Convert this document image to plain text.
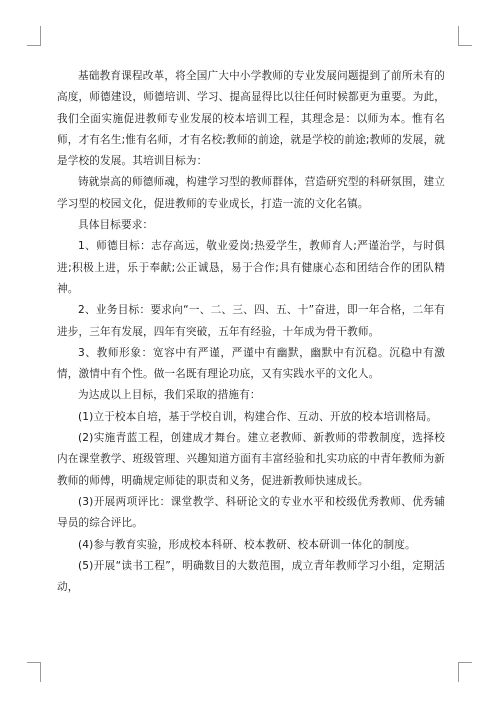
基础教育课程改革，将全国广大中小学教师的专业发展问题提到了前所未有的高度，师德建设，师德培训、学习、提高显得比以往任何时候都更为重要。为此，我们全面实施促进教师专业发展的校本培训工程，其理念是：以师为本。惟有名师，才有名生;惟有名师，才有名校;教师的前途，就是学校的前途;教师的发展，就是学校的发展。其培训目标为：

铸就崇高的师德师魂，构建学习型的教师群体，营造研究型的科研氛围，建立学习型的校园文化，促进教师的专业成长，打造一流的文化名镇。

具体目标要求：

1、师德目标：志存高远，敬业爱岗;热爱学生，教师育人;严谨治学，与时俱进;积极上进，乐于奉献;公正诚恳，易于合作;具有健康心态和团结合作的团队精神。

2、业务目标：要求向“一、二、三、四、五、十”奋进，即一年合格，二年有进步，三年有发展，四年有突破，五年有经验，十年成为骨干教师。

3、教师形象：宽容中有严谨，严谨中有幽默，幽默中有沉稳。沉稳中有激情，激情中有个性。做一名既有理论功底，又有实践水平的文化人。

为达成以上目标，我们采取的措施有：

(1)立于校本自培，基于学校自训，构建合作、互动、开放的校本培训格局。

(2)实施青蓝工程，创建成才舞台。建立老教师、新教师的带教制度，选择校内在课堂教学、班级管理、兴趣知道方面有丰富经验和扎实功底的中青年教师为新教师的师傅，明确规定师徒的职责和义务，促进新教师快速成长。

(3)开展两项评比：课堂教学、科研论文的专业水平和校级优秀教师、优秀辅导员的综合评比。

(4)参与教育实验，形成校本科研、校本教研、校本研训一体化的制度。

(5)开展“读书工程”，明确数目的大数范围，成立青年教师学习小组，定期活动，
